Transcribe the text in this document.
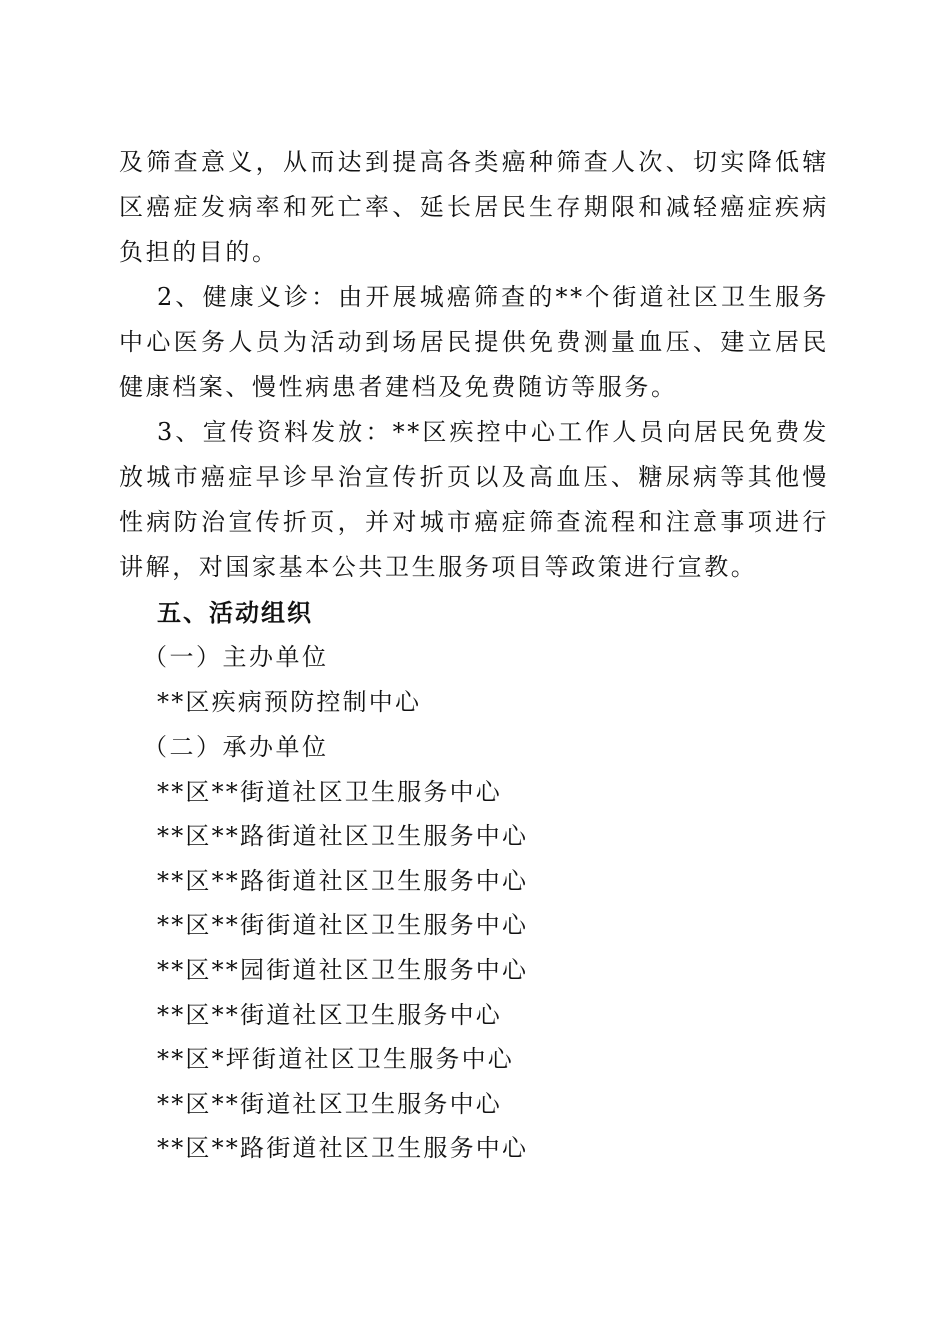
及筛查意义，从而达到提高各类癌种筛查人次、切实降低辖区癌症发病率和死亡率、延长居民生存期限和减轻癌症疾病负担的目的。

2、健康义诊：由开展城癌筛查的**个街道社区卫生服务中心医务人员为活动到场居民提供免费测量血压、建立居民健康档案、慢性病患者建档及免费随访等服务。

3、宣传资料发放：**区疾控中心工作人员向居民免费发放城市癌症早诊早治宣传折页以及高血压、糖尿病等其他慢性病防治宣传折页，并对城市癌症筛查流程和注意事项进行讲解，对国家基本公共卫生服务项目等政策进行宣教。

五、活动组织

（一）主办单位

**区疾病预防控制中心

（二）承办单位

**区**街道社区卫生服务中心

**区**路街道社区卫生服务中心

**区**路街道社区卫生服务中心

**区**街街道社区卫生服务中心

**区**园街道社区卫生服务中心

**区**街道社区卫生服务中心

**区*坪街道社区卫生服务中心

**区**街道社区卫生服务中心

**区**路街道社区卫生服务中心
